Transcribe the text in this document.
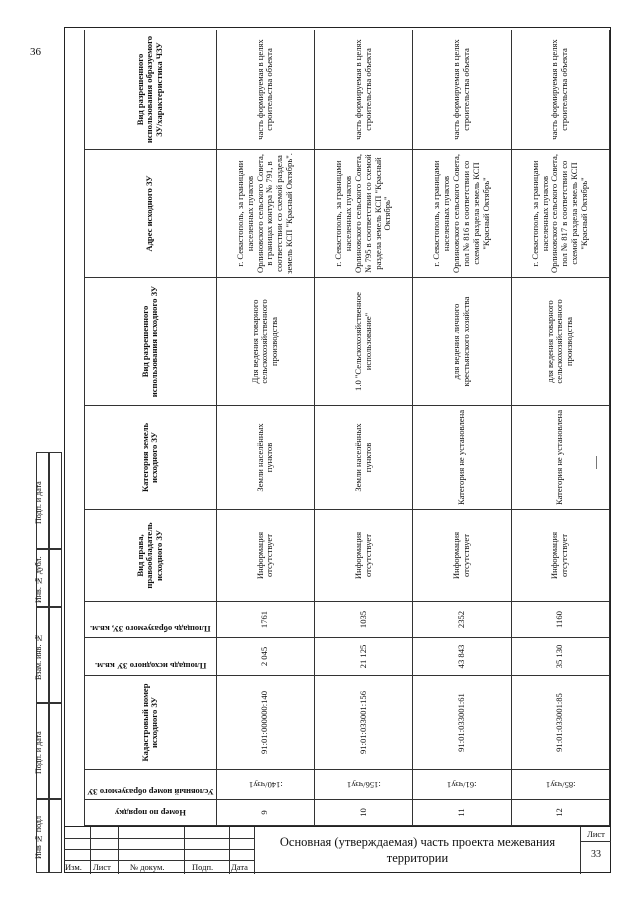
36
Номер по порядку	Условный номер образуемого ЗУ	Кадастровый номер исходного ЗУ	Площадь исходного ЗУ кв.м.	Площадь образуемого ЗУ, кв.м.	Вид права, правообладатель исходного ЗУ	Категория земель исходного ЗУ	Вид разрешенного использования исходного ЗУ	Адрес исходного ЗУ	Вид разрешенного использования образуемого ЗУ/характеристика ЧЗУ
9	:140/чзу1	91:01:000000:140	2 045	1761	Информация отсутствует	Земли населённых пунктов	Для ведения товарного сельскохозяйственного производства	г. Севастополь, за границами населенных пунктов Орлиновского сельского Совета, в границах контура № 791, в соответствии со схемой раздела земель КСП "Красный Октябрь".	часть формируемая в целях строительства объекта
10	:156/чзу1	91:01:033001:156	21 125	1035	Информация отсутствует	Земли населённых пунктов	1.0 "Сельскохозяйственное использование"	г. Севастополь, за границами населенных пунктов Орлиновского сельского Совета, № 795 в соответствии со схемой раздела земель КСП "Красный Октябрь"	часть формируемая в целях строительства объекта
11	:61/чзу1	91:01:033001:61	43 843	2352	Информация отсутствует	Категория не установлена	для ведения личного крестьянского хозяйства	г. Севастополь, за границами населенных пунктов Орлиновского сельского Совета, пол № 816 в соответствии со схемой раздела земель КСП "Красный Октябрь"	часть формируемая в целях строительства объекта
12	:85/чзу1	91:01:033001:85	35 130	1160	Информация отсутствует	Категория не установлена	для ведения товарного сельскохозяйственного производства	г. Севастополь, за границами населенных пунктов Орлиновского сельского Совета, пол № 817 в соответствии со схемой раздела земель КСП "Красный Октябрь"	часть формируемая в целях строительства объекта
Подп. и дата
Инв. № дубл.
Взам. инв. №
Подп. и дата
Инв № подл
Изм. Лист № докум.	Подп. Дата
Основная (утверждаемая) часть проекта межевания
территории
Лист
33
